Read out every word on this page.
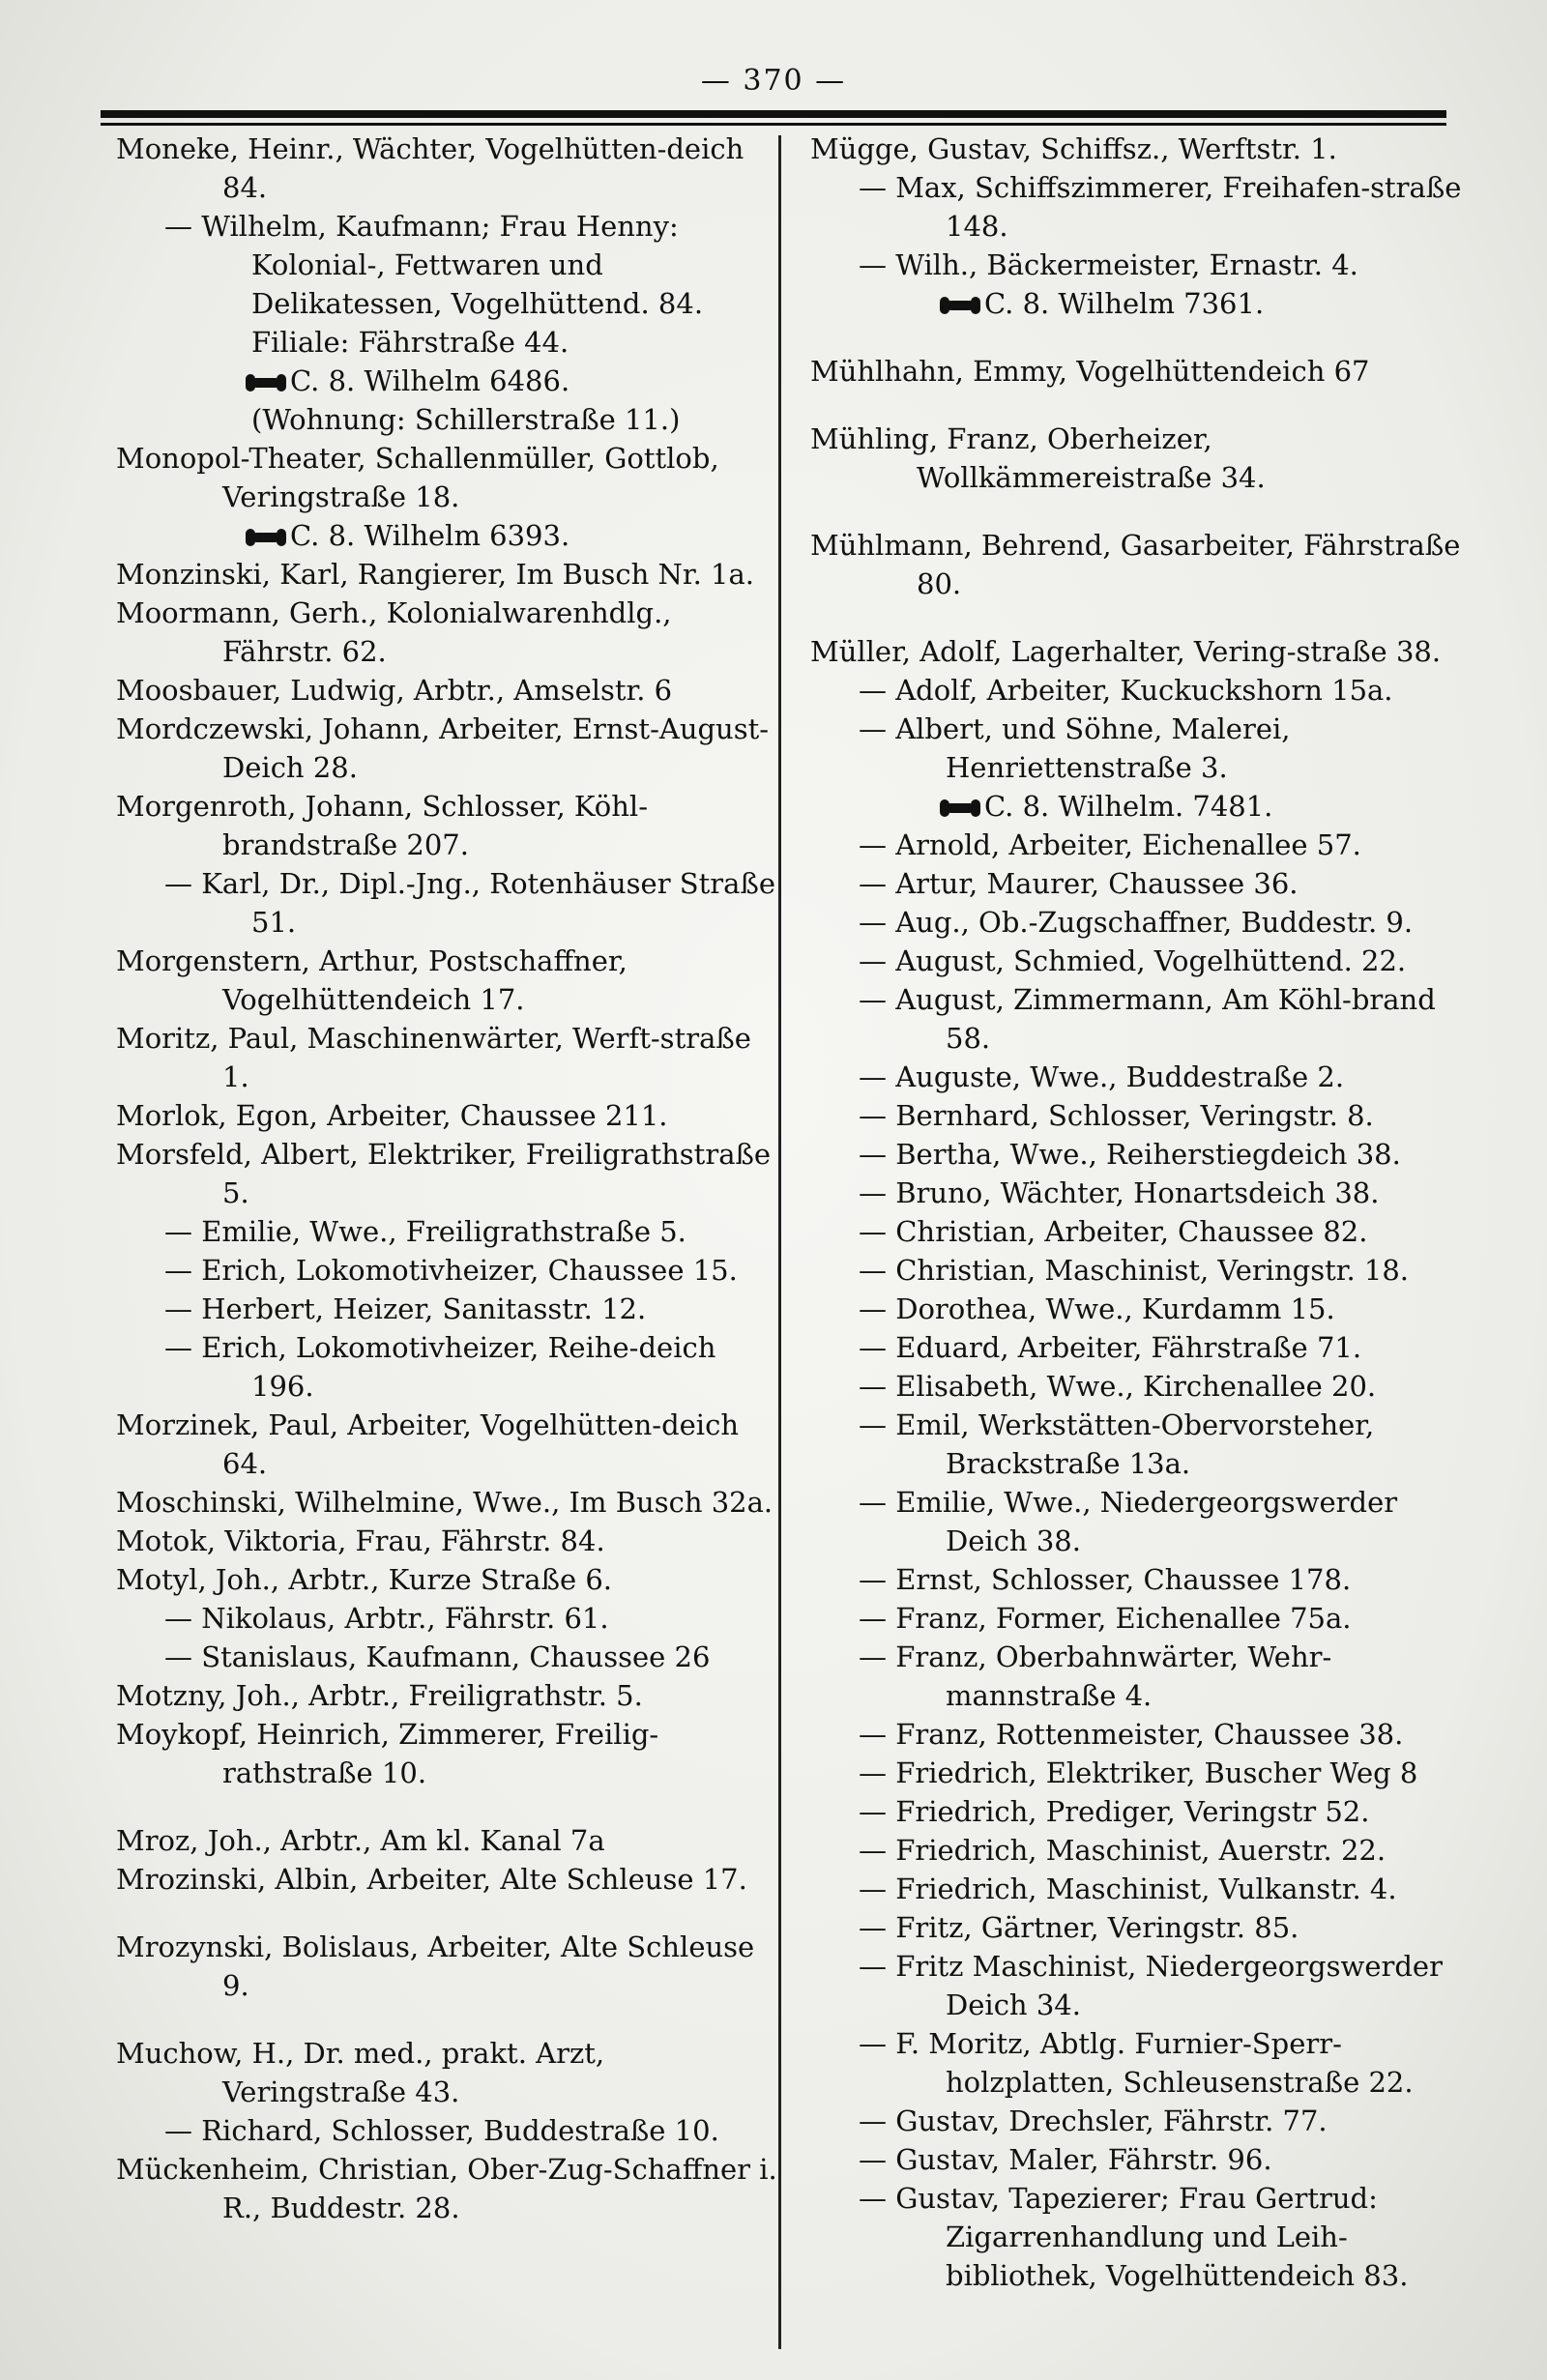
— 370 —

Moneke, Heinr., Wächter, Vogelhütten-deich 84.

— Wilhelm, Kaufmann; Frau Henny: Kolonial-, Fettwaren und Delikatessen, Vogelhüttend. 84. Filiale: Fährstraße 44.

C. 8. Wilhelm 6486.

(Wohnung: Schillerstraße 11.)

Monopol-Theater, Schallenmüller, Gottlob, Veringstraße 18.

C. 8. Wilhelm 6393.

Monzinski, Karl, Rangierer, Im Busch Nr. 1a.

Moormann, Gerh., Kolonialwarenhdlg., Fährstr. 62.

Moosbauer, Ludwig, Arbtr., Amselstr. 6

Mordczewski, Johann, Arbeiter, Ernst-August-Deich 28.

Morgenroth, Johann, Schlosser, Köhl-brandstraße 207.

— Karl, Dr., Dipl.-Jng., Rotenhäuser Straße 51.

Morgenstern, Arthur, Postschaffner, Vogelhüttendeich 17.

Moritz, Paul, Maschinenwärter, Werft-straße 1.

Morlok, Egon, Arbeiter, Chaussee 211.

Morsfeld, Albert, Elektriker, Freiligrathstraße 5.

— Emilie, Wwe., Freiligrathstraße 5.

— Erich, Lokomotivheizer, Chaussee 15.

— Herbert, Heizer, Sanitasstr. 12.

— Erich, Lokomotivheizer, Reihe-deich 196.

Morzinek, Paul, Arbeiter, Vogelhütten-deich 64.

Moschinski, Wilhelmine, Wwe., Im Busch 32a.

Motok, Viktoria, Frau, Fährstr. 84.

Motyl, Joh., Arbtr., Kurze Straße 6.

— Nikolaus, Arbtr., Fährstr. 61.

— Stanislaus, Kaufmann, Chaussee 26

Motzny, Joh., Arbtr., Freiligrathstr. 5.

Moykopf, Heinrich, Zimmerer, Freilig-rathstraße 10.

Mroz, Joh., Arbtr., Am kl. Kanal 7a

Mrozinski, Albin, Arbeiter, Alte Schleuse 17.

Mrozynski, Bolislaus, Arbeiter, Alte Schleuse 9.

Muchow, H., Dr. med., prakt. Arzt, Veringstraße 43.

— Richard, Schlosser, Buddestraße 10.

Mückenheim, Christian, Ober-Zug-Schaffner i. R., Buddestr. 28.

Mügge, Gustav, Schiffsz., Werftstr. 1.

— Max, Schiffszimmerer, Freihafen-straße 148.

— Wilh., Bäckermeister, Ernastr. 4.

C. 8. Wilhelm 7361.

Mühlhahn, Emmy, Vogelhüttendeich 67

Mühling, Franz, Oberheizer, Wollkämmereistraße 34.

Mühlmann, Behrend, Gasarbeiter, Fährstraße 80.

Müller, Adolf, Lagerhalter, Vering-straße 38.

— Adolf, Arbeiter, Kuckuckshorn 15a.

— Albert, und Söhne, Malerei, Henriettenstraße 3.

C. 8. Wilhelm. 7481.

— Arnold, Arbeiter, Eichenallee 57.

— Artur, Maurer, Chaussee 36.

— Aug., Ob.-Zugschaffner, Buddestr. 9.

— August, Schmied, Vogelhüttend. 22.

— August, Zimmermann, Am Köhl-brand 58.

— Auguste, Wwe., Buddestraße 2.

— Bernhard, Schlosser, Veringstr. 8.

— Bertha, Wwe., Reiherstiegdeich 38.

— Bruno, Wächter, Honartsdeich 38.

— Christian, Arbeiter, Chaussee 82.

— Christian, Maschinist, Veringstr. 18.

— Dorothea, Wwe., Kurdamm 15.

— Eduard, Arbeiter, Fährstraße 71.

— Elisabeth, Wwe., Kirchenallee 20.

— Emil, Werkstätten-Obervorsteher, Brackstraße 13a.

— Emilie, Wwe., Niedergeorgswerder Deich 38.

— Ernst, Schlosser, Chaussee 178.

— Franz, Former, Eichenallee 75a.

— Franz, Oberbahnwärter, Wehr-mannstraße 4.

— Franz, Rottenmeister, Chaussee 38.

— Friedrich, Elektriker, Buscher Weg 8

— Friedrich, Prediger, Veringstr 52.

— Friedrich, Maschinist, Auerstr. 22.

— Friedrich, Maschinist, Vulkanstr. 4.

— Fritz, Gärtner, Veringstr. 85.

— Fritz Maschinist, Niedergeorgswerder Deich 34.

— F. Moritz, Abtlg. Furnier-Sperr-holzplatten, Schleusenstraße 22.

— Gustav, Drechsler, Fährstr. 77.

— Gustav, Maler, Fährstr. 96.

— Gustav, Tapezierer; Frau Gertrud: Zigarrenhandlung und Leih-bibliothek, Vogelhüttendeich 83.
